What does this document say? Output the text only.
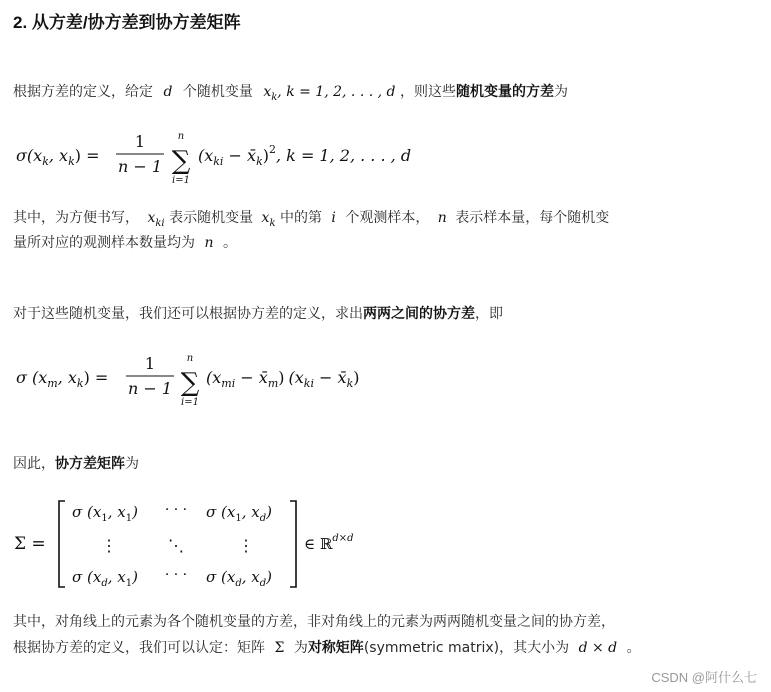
2. 从方差/协方差到协方差矩阵
根据方差的定义，给定 d 个随机变量 $x_k$, k = 1, 2, . . . , d ，则这些随机变量的方差为
$\sigma(x_k$, $x_k$) =
1
n − 1
n
∑
i=1
($x_{ki}$ − $x̄_k)^2$, k = 1, 2, . . . , d
其中，为方便书写， $x_{ki}$ 表示随机变量 $x_k$ 中的第 i 个观测样本， n 表示样本量，每个随机变
量所对应的观测样本数量均为 n 。
对于这些随机变量，我们还可以根据协方差的定义，求出两两之间的协方差，即
σ ($x_m$, $x_k$) =
1
n − 1
n
∑
i=1
($x_{mi}$ − $x̄_m$) ($x_{ki}$ − $x̄_k$)
因此，协方差矩阵为
Σ =
σ ($x_1$, $x_1$) · · · σ ($x_1$, $x_d$)
⋮	⋱	⋮
σ ($x_d$, $x_1$) · · · σ ($x_d$, $x_d$)
∈ ℝ$^{d\times d}$
其中，对角线上的元素为各个随机变量的方差，非对角线上的元素为两两随机变量之间的协方差，
根据协方差的定义，我们可以认定：矩阵 Σ 为对称矩阵(symmetric matrix)，其大小为 d × d 。
CSDN @阿什么七
